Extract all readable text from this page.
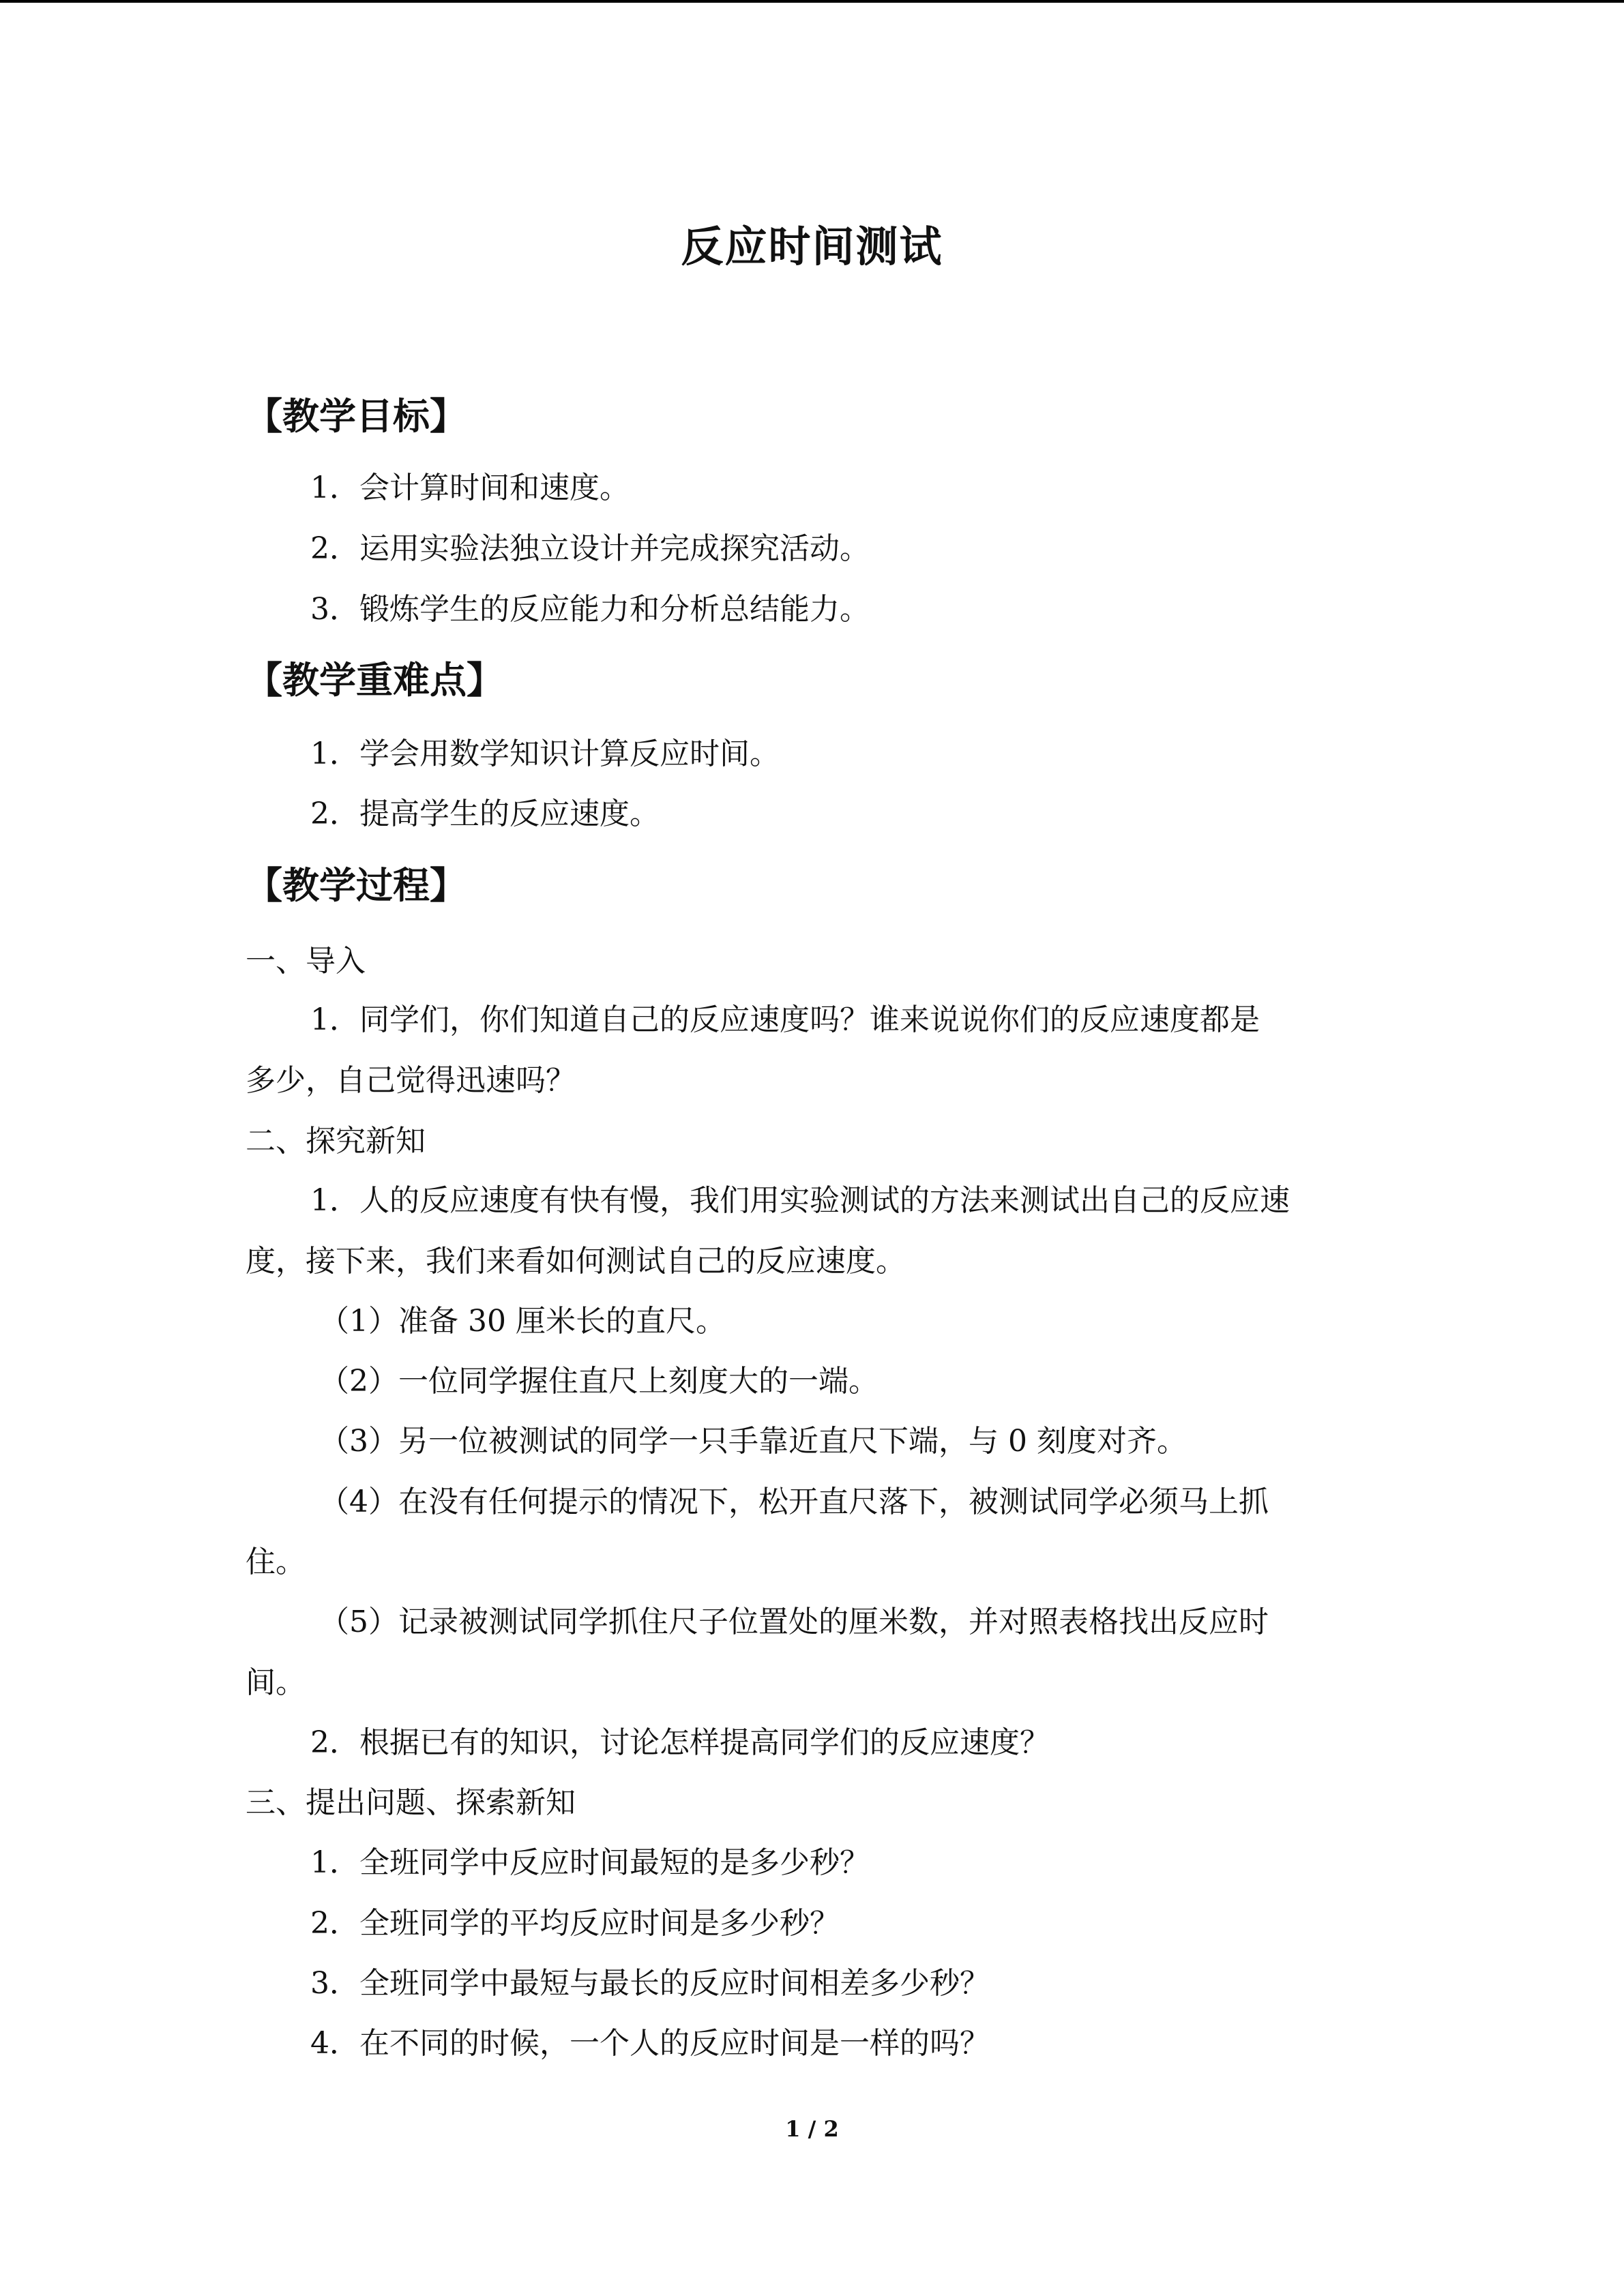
反应时间测试
【教学目标】
1．会计算时间和速度。
2．运用实验法独立设计并完成探究活动。
3．锻炼学生的反应能力和分析总结能力。
【教学重难点】
1．学会用数学知识计算反应时间。
2．提高学生的反应速度。
【教学过程】
一、导入
1．同学们，你们知道自己的反应速度吗？谁来说说你们的反应速度都是
多少，自己觉得迅速吗？
二、探究新知
1．人的反应速度有快有慢，我们用实验测试的方法来测试出自己的反应速
度，接下来，我们来看如何测试自己的反应速度。
（1）准备 30 厘米长的直尺。
（2）一位同学握住直尺上刻度大的一端。
（3）另一位被测试的同学一只手靠近直尺下端，与 0 刻度对齐。
（4）在没有任何提示的情况下，松开直尺落下，被测试同学必须马上抓
住。
（5）记录被测试同学抓住尺子位置处的厘米数，并对照表格找出反应时
间。
2．根据已有的知识，讨论怎样提高同学们的反应速度？
三、提出问题、探索新知
1．全班同学中反应时间最短的是多少秒？
2．全班同学的平均反应时间是多少秒？
3．全班同学中最短与最长的反应时间相差多少秒？
4．在不同的时候，一个人的反应时间是一样的吗？
1 / 2
